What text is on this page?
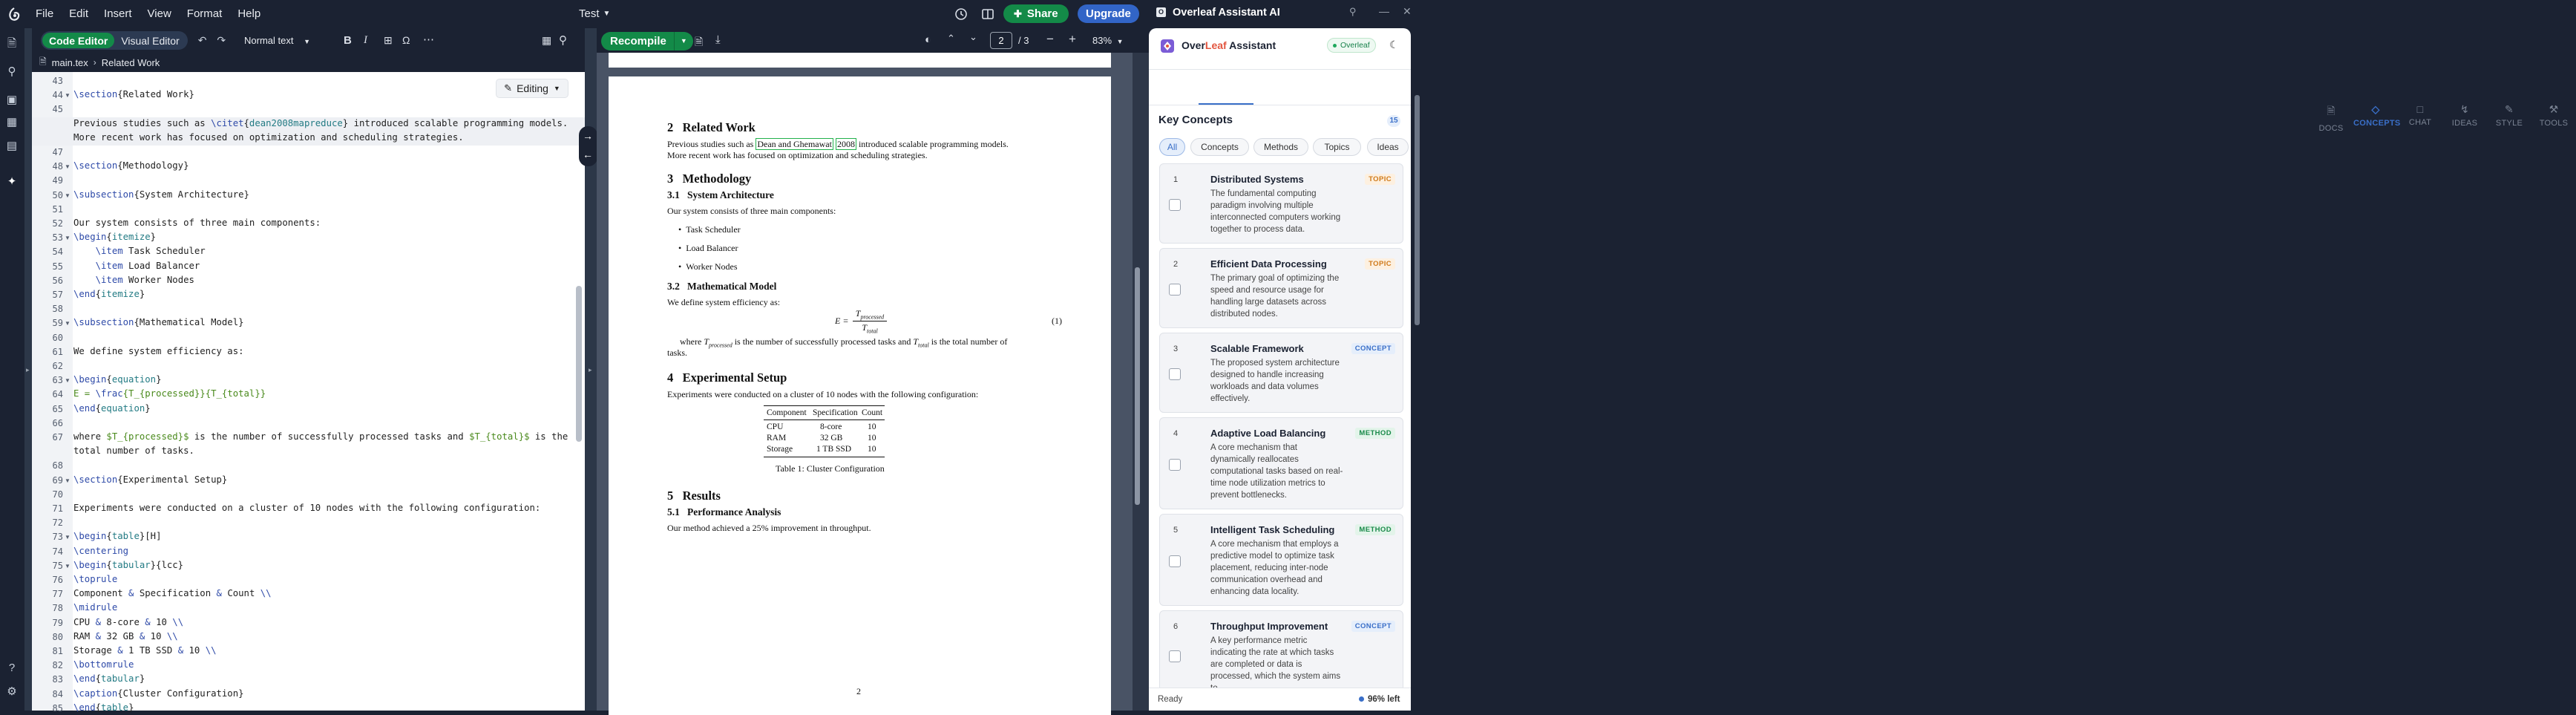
File Edit Insert View Format Help	Test ▼	✚ Share Upgrade
🗎
⚲
▣
▦
▤
✦
?
⚙
▸
Code Editor	Visual Editor	↶ ↷ Normal text ▼	B I ⊞ Ω ⋯	▦ ⚲
🗎 main.tex › Related Work
43
44 ▼
45
47
48 ▼
49
50 ▼
51
52
53 ▼
54
55
56
57
58
59 ▼
60
61
62
63 ▼
64
65
66
67
68
69 ▼
70
71
72
73 ▼
74
75 ▼
76
77
78
79
80
81
82
83
84
85
\section{Related Work}
Previous studies such as \citet{dean2008mapreduce} introduced scalable programming models.
More recent work has focused on optimization and scheduling strategies.
\section{Methodology}
\subsection{System Architecture}
Our system consists of three main components:
\begin{itemize}
\item Task Scheduler
\item Load Balancer
\item Worker Nodes
\end{itemize}
\subsection{Mathematical Model}
We define system efficiency as:
\begin{equation}
E = \frac{T_{processed}}{T_{total}}
\end{equation}
where $T_{processed}$ is the number of successfully processed tasks and $T_{total}$ is the
total number of tasks.
\section{Experimental Setup}
Experiments were conducted on a cluster of 10 nodes with the following configuration:
\begin{table}[H]
\centering
\begin{tabular}{lcc}
\toprule
Component & Specification & Count \\
\midrule
CPU & 8-core & 10 \\
RAM & 32 GB & 10 \\
Storage & 1 TB SSD & 10 \\
\bottomrule
\end{tabular}
\caption{Cluster Configuration}
\end{table}
✎ Editing ▼
→
←
▸
Recompile	▼ 🗎 ⤓	◐ ⌃ ⌄	2	/ 3 − + 83% ▼
2 Related Work
Previous studies such as Dean and Ghemawat 2008 introduced scalable programming models.
More recent work has focused on optimization and scheduling strategies.
3 Methodology
3.1 System Architecture
Our system consists of three main components:
•  Task Scheduler
•  Load Balancer
•  Worker Nodes
3.2 Mathematical Model
We define system efficiency as:
E =
$T_{processed}$
$T_{total}$
(1)
where $T_{processed}$ is the number of successfully processed tasks and $T_{total}$ is the total number of
tasks.
4 Experimental Setup
Experiments were conducted on a cluster of 10 nodes with the following configuration:
Component Specification Count
CPU	8-core	10
RAM	32 GB	10
Storage	1 TB SSD 10
Table 1: Cluster Configuration
5 Results
5.1 Performance Analysis
Our method achieved a 25% improvement in throughput.
2
O Overleaf Assistant AI	⚲ — ✕
OverLeaf Assistant	Overleaf ☾
🗎
DOCS
◇
CONCEPTS
□
CHAT
↯
IDEAS
✎
STYLE
⚒
TOOLS
Key Concepts	15
All	Concepts	Methods	Topics	Ideas
1	Distributed Systems
The fundamental computing paradigm involving multiple interconnected computers working together to process data.
TOPIC
2	Efficient Data Processing
The primary goal of optimizing the speed and resource usage for handling large datasets across distributed nodes.
TOPIC
3	Scalable Framework
The proposed system architecture designed to handle increasing workloads and data volumes effectively.
CONCEPT
4	Adaptive Load Balancing
A core mechanism that dynamically reallocates computational tasks based on real-time node utilization metrics to prevent bottlenecks.
METHOD
5	Intelligent Task Scheduling
A core mechanism that employs a predictive model to optimize task placement, reducing inter-node communication overhead and enhancing data locality.
METHOD
6	Throughput Improvement
A key performance metric indicating the rate at which tasks are completed or data is processed, which the system aims
CONCEPT
Ready	96% left
